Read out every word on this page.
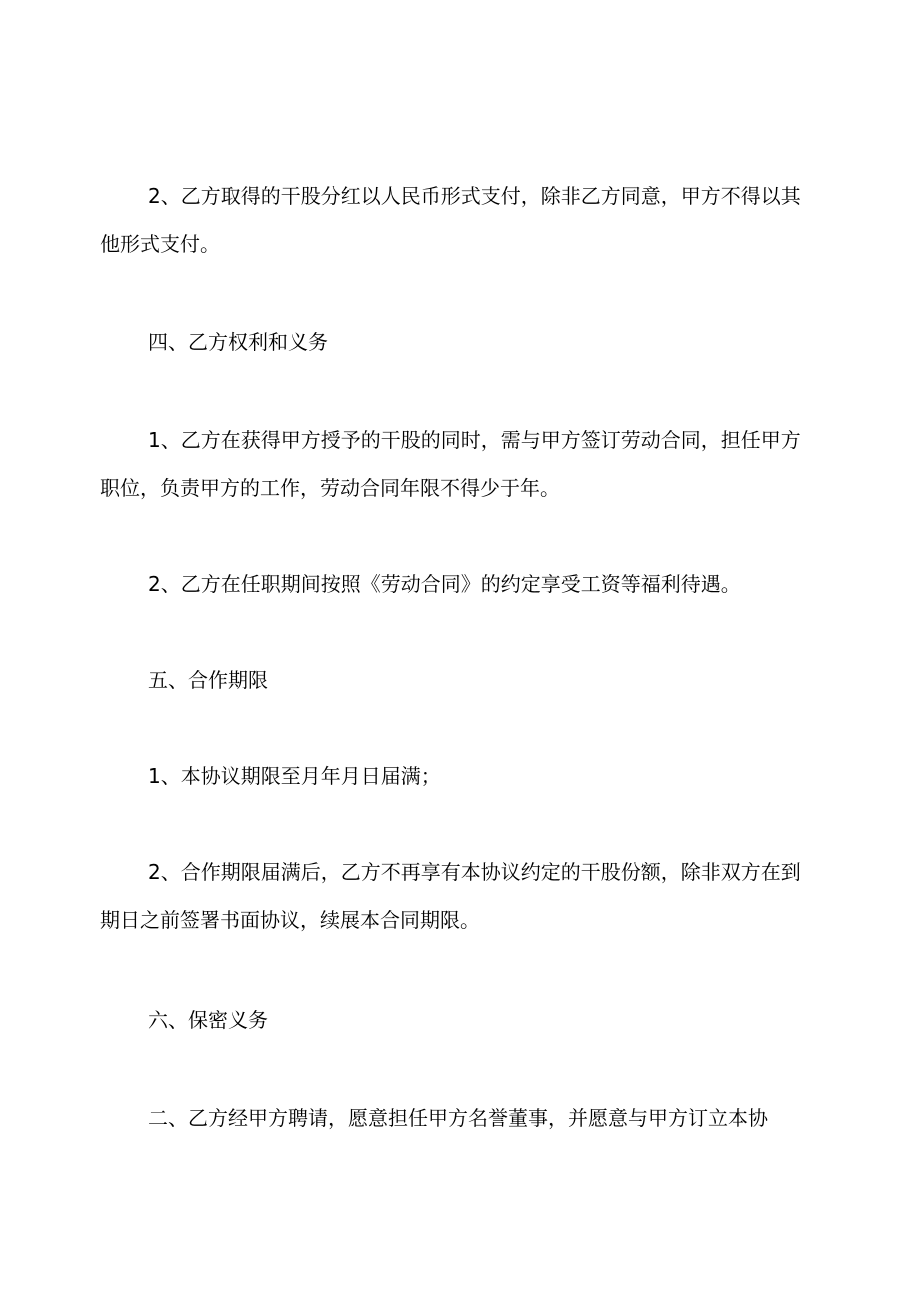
2、乙方取得的干股分红以人民币形式支付，除非乙方同意，甲方不得以其他形式支付。

四、乙方权利和义务

1、乙方在获得甲方授予的干股的同时，需与甲方签订劳动合同，担任甲方职位，负责甲方的工作，劳动合同年限不得少于年。

2、乙方在任职期间按照《劳动合同》的约定享受工资等福利待遇。

五、合作期限

1、本协议期限至月年月日届满；

2、合作期限届满后，乙方不再享有本协议约定的干股份额，除非双方在到期日之前签署书面协议，续展本合同期限。

六、保密义务

二、乙方经甲方聘请，愿意担任甲方名誉董事，并愿意与甲方订立本协
